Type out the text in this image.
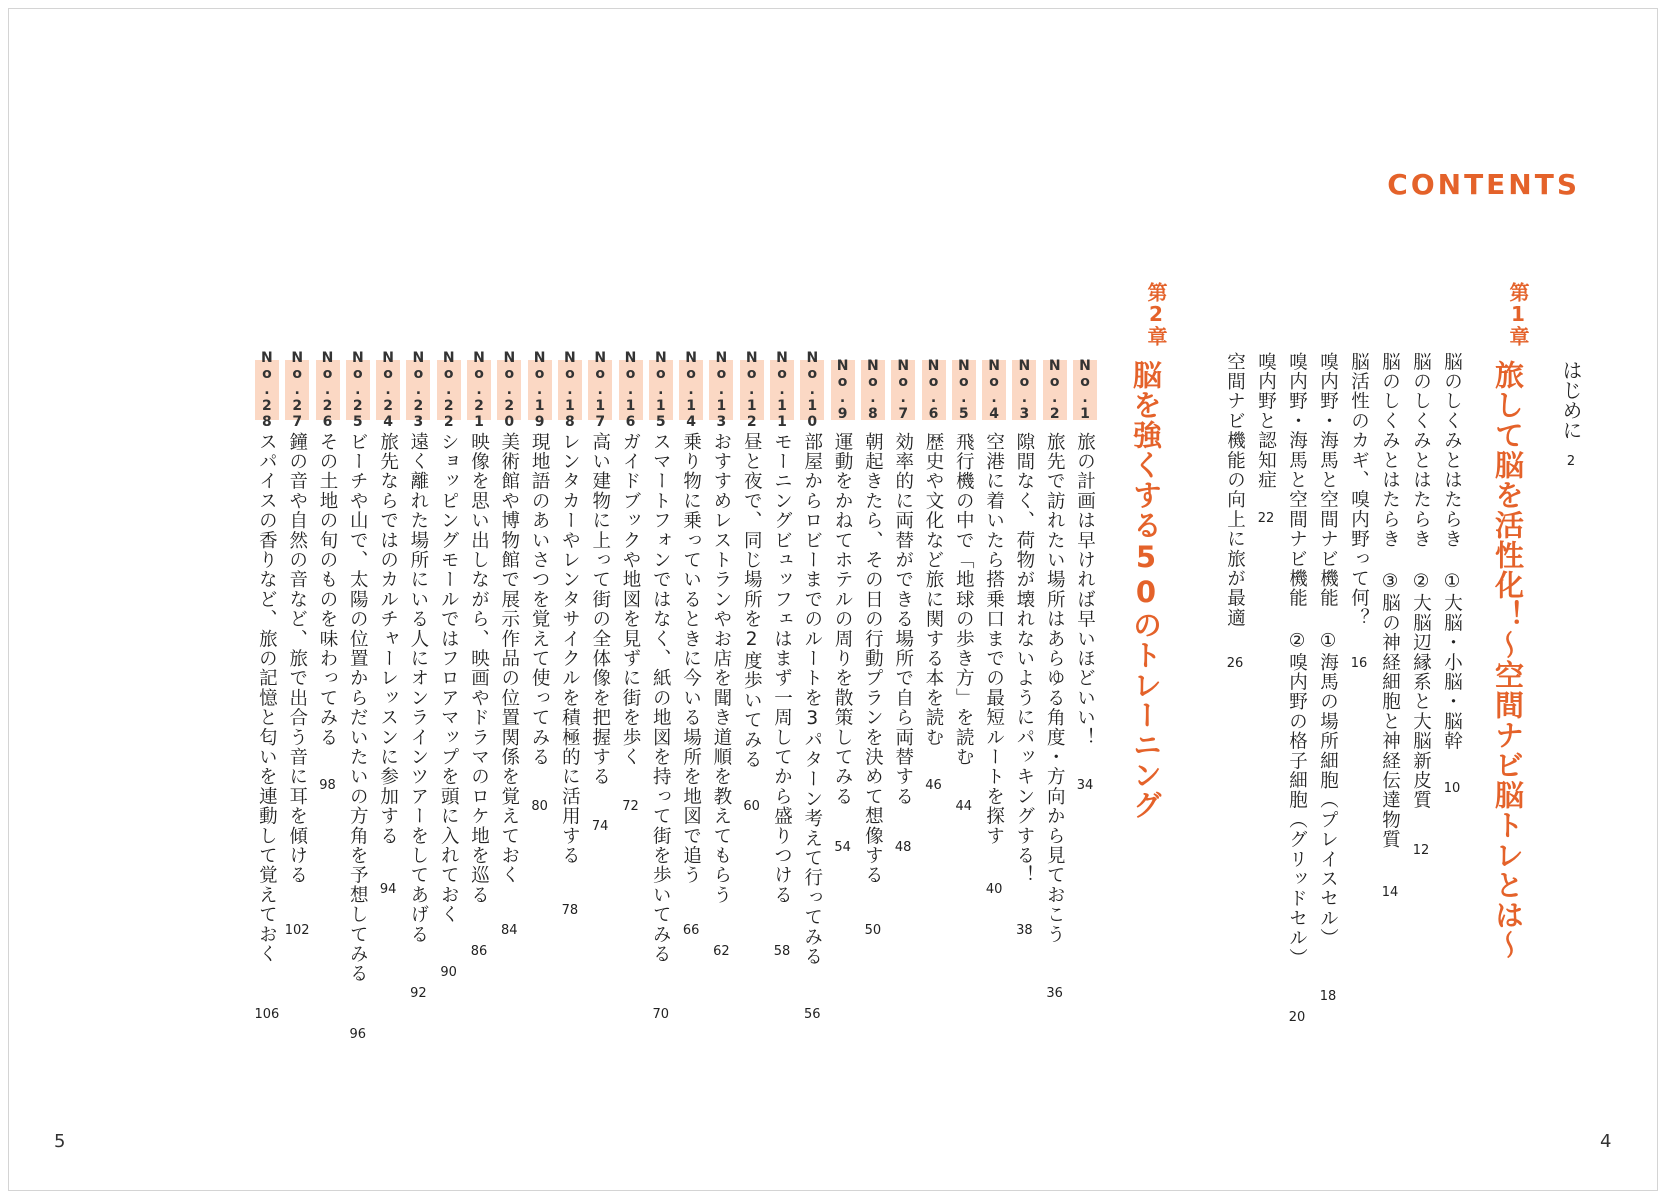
CONTENTS
はじめに
2
第1章
旅して脳を活性化！〜空間ナビ脳トレとは〜
脳のしくみとはたらき ①大脳・小脳・脳幹
10
脳のしくみとはたらき ②大脳辺縁系と大脳新皮質
12
脳のしくみとはたらき ③脳の神経細胞と神経伝達物質
14
脳活性のカギ、嗅内野って何？
16
嗅内野・海馬と空間ナビ機能 ①海馬の場所細胞（プレイスセル）
18
嗅内野・海馬と空間ナビ機能 ②嗅内野の格子細胞（グリッドセル）
20
嗅内野と認知症
22
空間ナビ機能の向上に旅が最適
26
第2章
脳を強くする50のトレーニング
旅の計画は早ければ早いほどいい！
34
No.1
旅先で訪れたい場所はあらゆる角度・方向から見ておこう
36
No.2
隙間なく、荷物が壊れないようにパッキングする！
38
No.3
空港に着いたら搭乗口までの最短ルートを探す
40
No.4
飛行機の中で「地球の歩き方」を読む
44
No.5
歴史や文化など旅に関する本を読む
46
No.6
効率的に両替ができる場所で自ら両替する
48
No.7
朝起きたら、その日の行動プランを決めて想像する
50
No.8
運動をかねてホテルの周りを散策してみる
54
No.9
部屋からロビーまでのルートを3パターン考えて行ってみる
56
No.10
モーニングビュッフェはまず一周してから盛りつける
58
No.11
昼と夜で、同じ場所を2度歩いてみる
60
No.12
おすすめレストランやお店を聞き道順を教えてもらう
62
No.13
乗り物に乗っているときに今いる場所を地図で追う
66
No.14
スマートフォンではなく、紙の地図を持って街を歩いてみる
70
No.15
ガイドブックや地図を見ずに街を歩く
72
No.16
高い建物に上って街の全体像を把握する
74
No.17
レンタカーやレンタサイクルを積極的に活用する
78
No.18
現地語のあいさつを覚えて使ってみる
80
No.19
美術館や博物館で展示作品の位置関係を覚えておく
84
No.20
映像を思い出しながら、映画やドラマのロケ地を巡る
86
No.21
ショッピングモールではフロアマップを頭に入れておく
90
No.22
遠く離れた場所にいる人にオンラインツアーをしてあげる
92
No.23
旅先ならではのカルチャーレッスンに参加する
94
No.24
ビーチや山で、太陽の位置からだいたいの方角を予想してみる
96
No.25
その土地の旬のものを味わってみる
98
No.26
鐘の音や自然の音など、旅で出合う音に耳を傾ける
102
No.27
スパイスの香りなど、旅の記憶と匂いを連動して覚えておく
106
No.28
5	4
